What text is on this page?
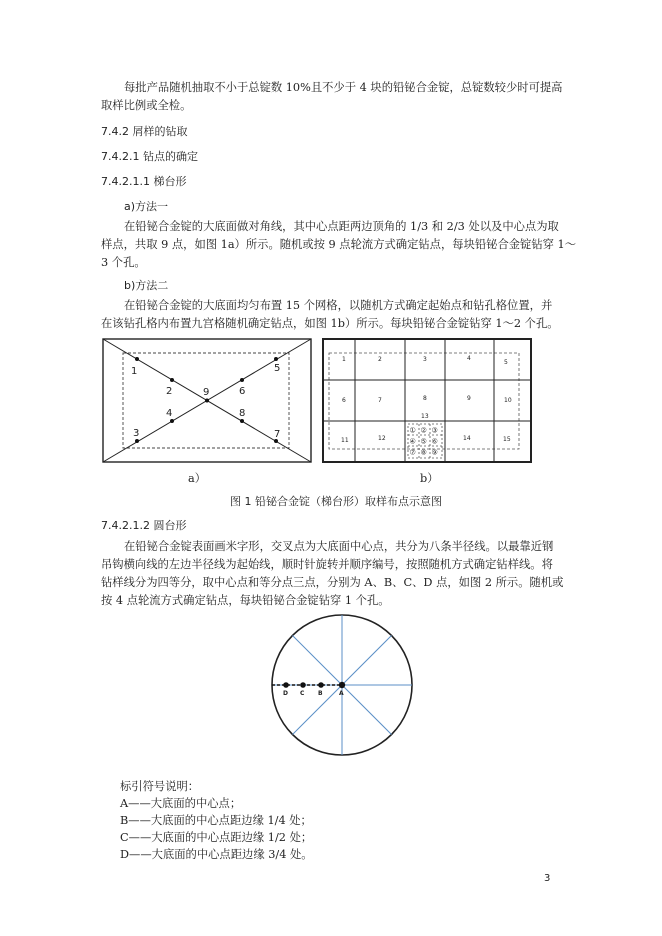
每批产品随机抽取不小于总锭数 10%且不少于 4 块的铅铋合金锭，总锭数较少时可提高
取样比例或全检。
7.4.2 屑样的钻取
7.4.2.1 钻点的确定
7.4.2.1.1 梯台形
a)方法一
在铅铋合金锭的大底面做对角线，其中心点距两边顶角的 1/3 和 2/3 处以及中心点为取
样点，共取 9 点，如图 1a）所示。随机或按 9 点轮流方式确定钻点，每块铅铋合金锭钻穿 1～
3 个孔。
b)方法二
在铅铋合金锭的大底面均匀布置 15 个网格，以随机方式确定起始点和钻孔格位置，并
在该钻孔格内布置九宫格随机确定钻点，如图 1b）所示。每块铅铋合金锭钻穿 1～2 个孔。
1
2
3
4
5
6
7
8
9
1	2	3	4
5
6	7	8	9	10
11	12
13
14	15
① ② ③
④ ⑤ ⑥
⑦ ⑧ ⑨
a）	b）
图 1 铅铋合金锭（梯台形）取样布点示意图
7.4.2.1.2 圆台形
在铅铋合金锭表面画米字形，交叉点为大底面中心点，共分为八条半径线。以最靠近钢
吊钩横向线的左边半径线为起始线，顺时针旋转并顺序编号，按照随机方式确定钻样线。将
钻样线分为四等分，取中心点和等分点三点，分别为 A、B、C、D 点，如图 2 所示。随机或
按 4 点轮流方式确定钻点，每块铅铋合金锭钻穿 1 个孔。
D C B	A
标引符号说明：
A——大底面的中心点；
B——大底面的中心点距边缘 1/4 处；
C——大底面的中心点距边缘 1/2 处；
D——大底面的中心点距边缘 3/4 处。
3
